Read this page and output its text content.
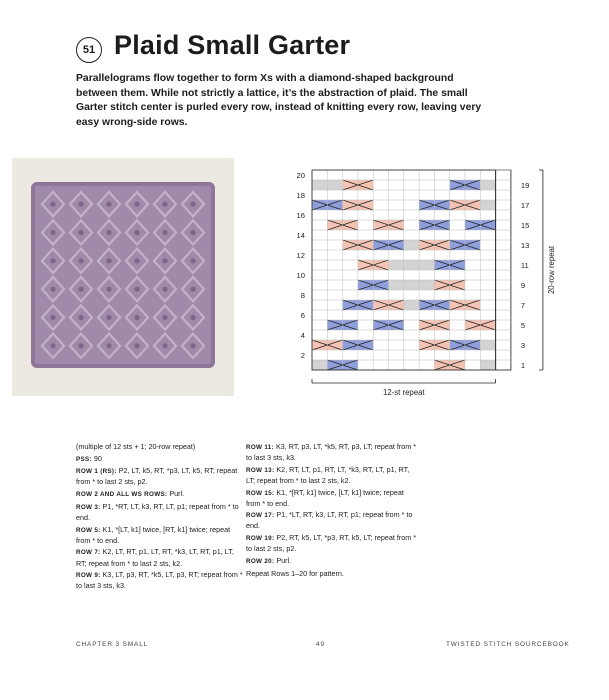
51 Plaid Small Garter
Parallelograms flow together to form Xs with a diamond-shaped background between them. While not strictly a lattice, it’s the abstraction of plaid. The small Garter stitch center is purled every row, instead of knitting every row, leaving very easy wrong-side rows.
20
18
16
14
12
10
8
6
4
2
19
17
15
13
11
9
7
5
3
1
12-st repeat
20-row repeat
(multiple of 12 sts + 1; 20-row repeat)
PSS: 90
ROW 1 (RS): P2, LT, k5, RT, *p3, LT, k5, RT; repeat from * to last 2 sts, p2.
ROW 2 AND ALL WS ROWS: Purl.
ROW 3: P1, *RT, LT, k3, RT, LT, p1; repeat from * to end.
ROW 5: K1, *[LT, k1] twice, [RT, k1] twice; repeat from * to end.
ROW 7: K2, LT, RT, p1, LT, RT, *k3, LT, RT, p1, LT, RT; repeat from * to last 2 sts, k2.
ROW 9: K3, LT, p3, RT, *k5, LT, p3, RT; repeat from * to last 3 sts, k3.
ROW 11: K3, RT, p3, LT, *k5, RT, p3, LT; repeat from * to last 3 sts, k3.
ROW 13: K2, RT, LT, p1, RT, LT, *k3, RT, LT, p1, RT, LT; repeat from * to last 2 sts, k2.
ROW 15: K1, *[RT, k1] twice, [LT, k1] twice; repeat from * to end.
ROW 17: P1, *LT, RT, k3, LT, RT, p1; repeat from * to end.
ROW 19: P2, RT, k5, LT, *p3, RT, k5, LT; repeat from * to last 2 sts, p2.
ROW 20: Purl.
Repeat Rows 1–20 for pattern.
CHAPTER 3 SMALL	49	TWISTED STITCH SOURCEBOOK
